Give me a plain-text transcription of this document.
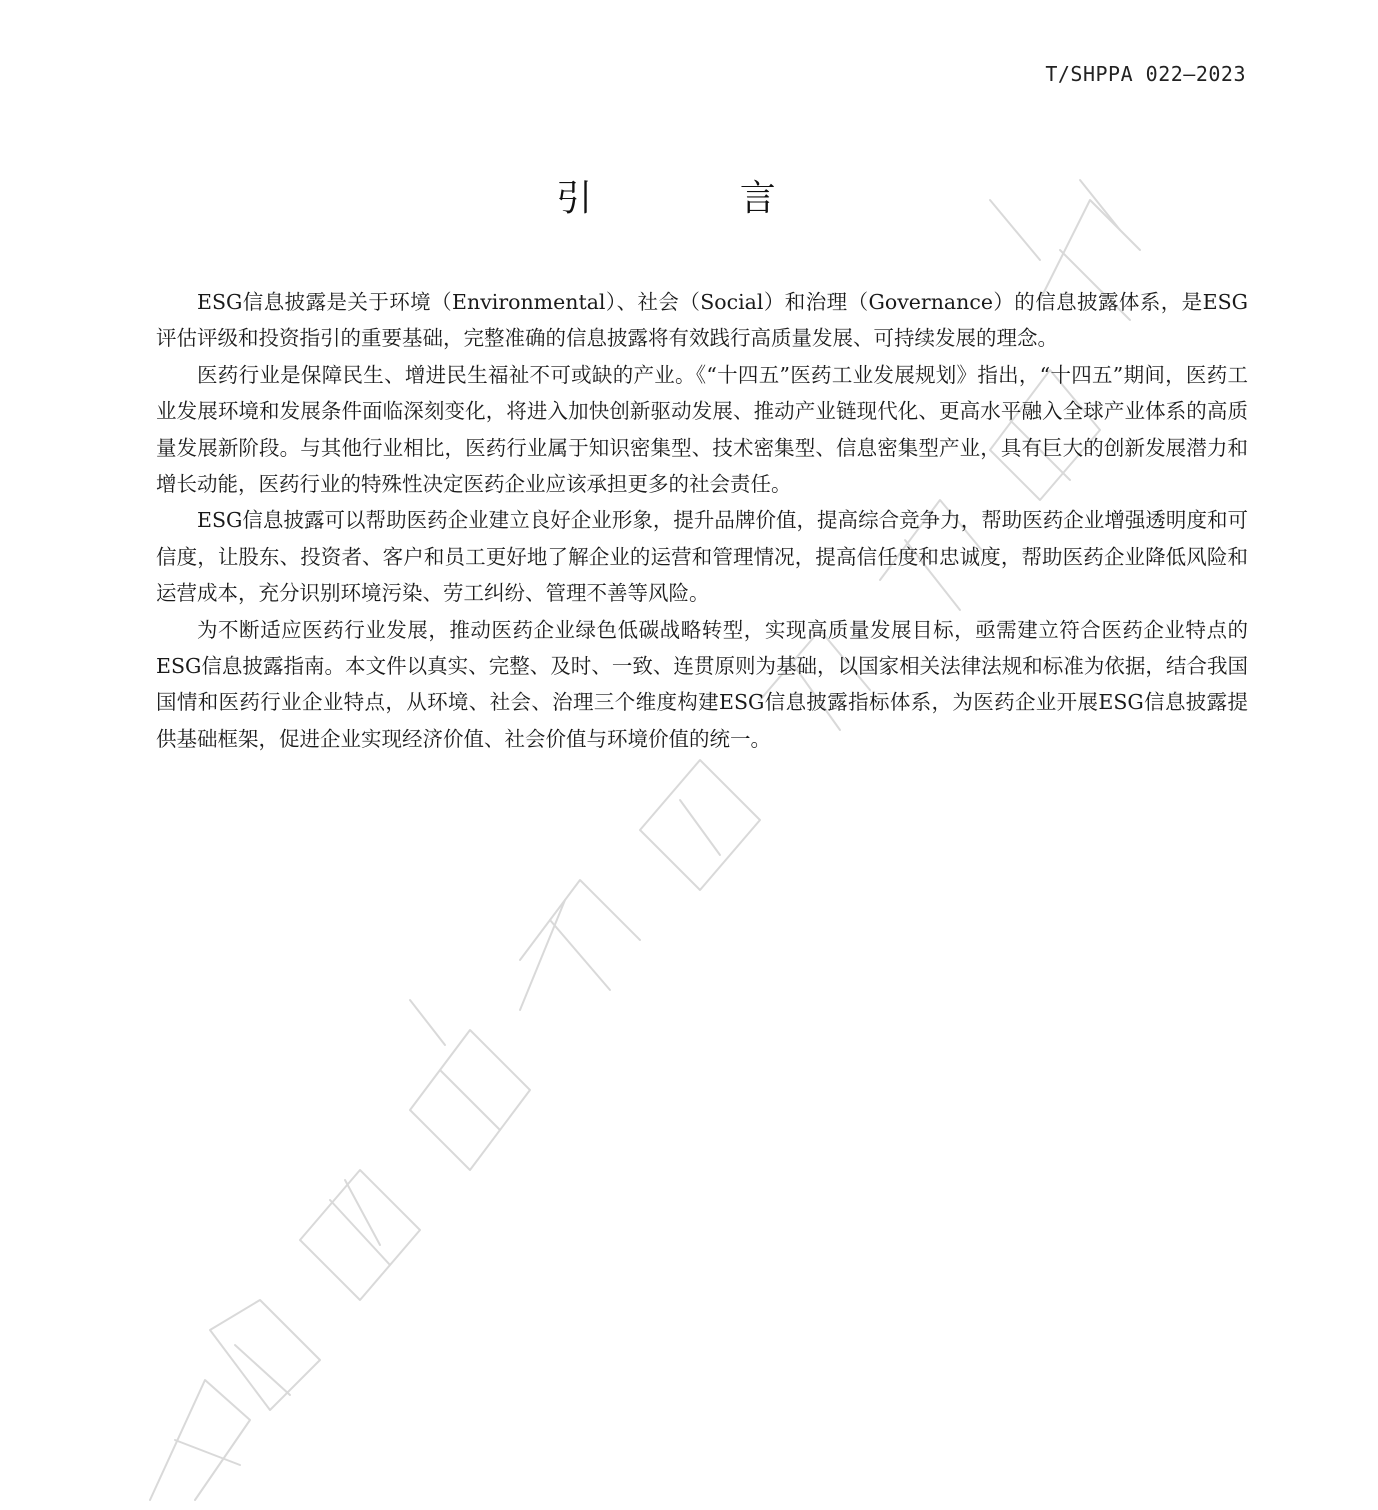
T/SHPPA 022—2023
引 言

ESG信息披露是关于环境（Environmental）、社会（Social）和治理（Governance）的信息披露体系，是ESG评估评级和投资指引的重要基础，完整准确的信息披露将有效践行高质量发展、可持续发展的理念。

医药行业是保障民生、增进民生福祉不可或缺的产业。《“十四五”医药工业发展规划》指出，“十四五”期间，医药工业发展环境和发展条件面临深刻变化，将进入加快创新驱动发展、推动产业链现代化、更高水平融入全球产业体系的高质量发展新阶段。与其他行业相比，医药行业属于知识密集型、技术密集型、信息密集型产业，具有巨大的创新发展潜力和增长动能，医药行业的特殊性决定医药企业应该承担更多的社会责任。

ESG信息披露可以帮助医药企业建立良好企业形象，提升品牌价值，提高综合竞争力，帮助医药企业增强透明度和可信度，让股东、投资者、客户和员工更好地了解企业的运营和管理情况，提高信任度和忠诚度，帮助医药企业降低风险和运营成本，充分识别环境污染、劳工纠纷、管理不善等风险。

为不断适应医药行业发展，推动医药企业绿色低碳战略转型，实现高质量发展目标，亟需建立符合医药企业特点的ESG信息披露指南。本文件以真实、完整、及时、一致、连贯原则为基础，以国家相关法律法规和标准为依据，结合我国国情和医药行业企业特点，从环境、社会、治理三个维度构建ESG信息披露指标体系，为医药企业开展ESG信息披露提供基础框架，促进企业实现经济价值、社会价值与环境价值的统一。
